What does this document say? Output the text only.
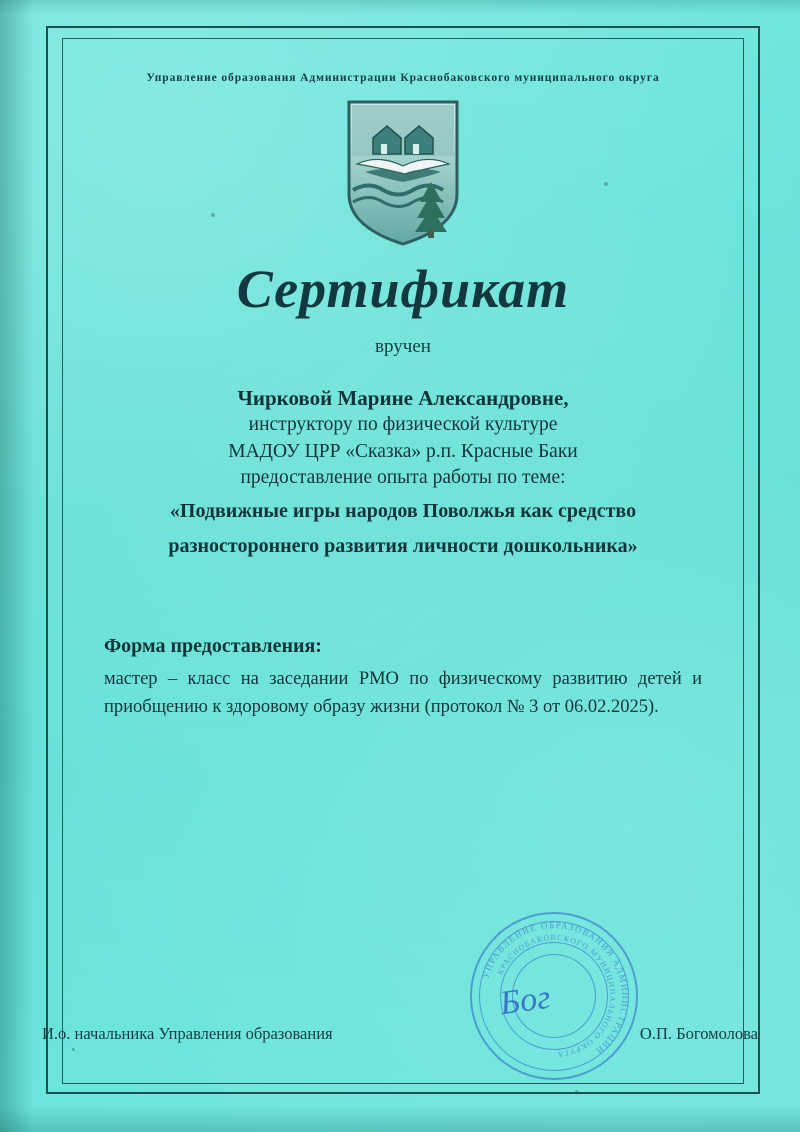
Управление образования Администрации Краснобаковского муниципального округа
Сертификат
вручен
Чирковой Марине Александровне,
инструктору по физической культуре
МАДОУ ЦРР «Сказка» р.п. Красные Баки
предоставление опыта работы по теме:
«Подвижные игры народов Поволжья как средство
разностороннего развития личности дошкольника»
Форма предоставления:
мастер – класс на заседании РМО по физическому развитию детей и приобщению к здоровому образу жизни (протокол № 3 от 06.02.2025).
И.о. начальника Управления образования	О.П. Богомолова
УПРАВЛЕНИЕ ОБРАЗОВАНИЯ АДМИНИСТРАЦИИ
КРАСНОБАКОВСКОГО МУНИЦИПАЛЬНОГО ОКРУГА
Бог
